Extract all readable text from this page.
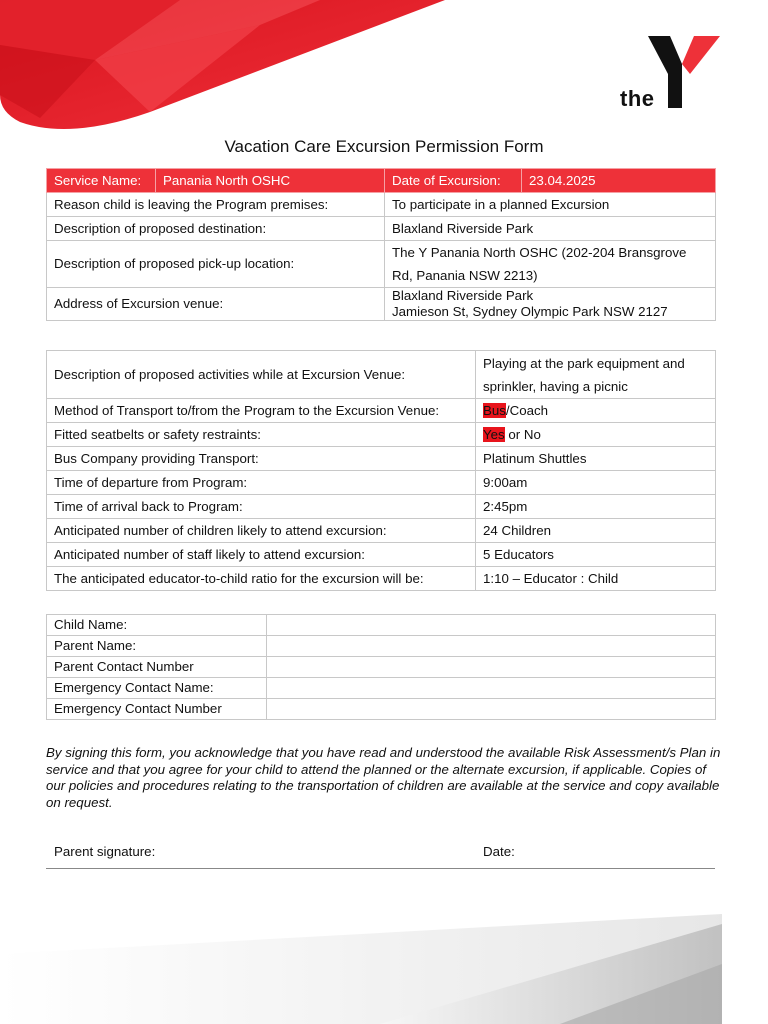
the
Vacation Care Excursion Permission Form
Service Name:	Panania North OSHC	Date of Excursion:	23.04.2025
Reason child is leaving the Program premises:		To participate in a planned Excursion	
Description of proposed destination:		Blaxland Riverside Park	
Description of proposed pick-up location:		The Y Panania North OSHC (202-204 Bransgrove Rd, Panania NSW 2213)	
Address of Excursion venue:		Blaxland Riverside Park
Jamieson St, Sydney Olympic Park NSW 2127	
Description of proposed activities while at Excursion Venue:	Playing at the park equipment and sprinkler, having a picnic
Method of Transport to/from the Program to the Excursion Venue:	Bus/Coach
Fitted seatbelts or safety restraints:	Yes or No
Bus Company providing Transport:	Platinum Shuttles
Time of departure from Program:	9:00am
Time of arrival back to Program:	2:45pm
Anticipated number of children likely to attend excursion:	24 Children
Anticipated number of staff likely to attend excursion:	5 Educators
The anticipated educator-to-child ratio for the excursion will be:	1:10 – Educator : Child
Child Name:	
Parent Name:	
Parent Contact Number	
Emergency Contact Name:	
Emergency Contact Number	
By signing this form, you acknowledge that you have read and understood the available Risk Assessment/s Plan in service and that you agree for your child to attend the planned or the alternate excursion, if applicable. Copies of our policies and procedures relating to the transportation of children are available at the service and copy available on request.
Parent signature:	Date:
